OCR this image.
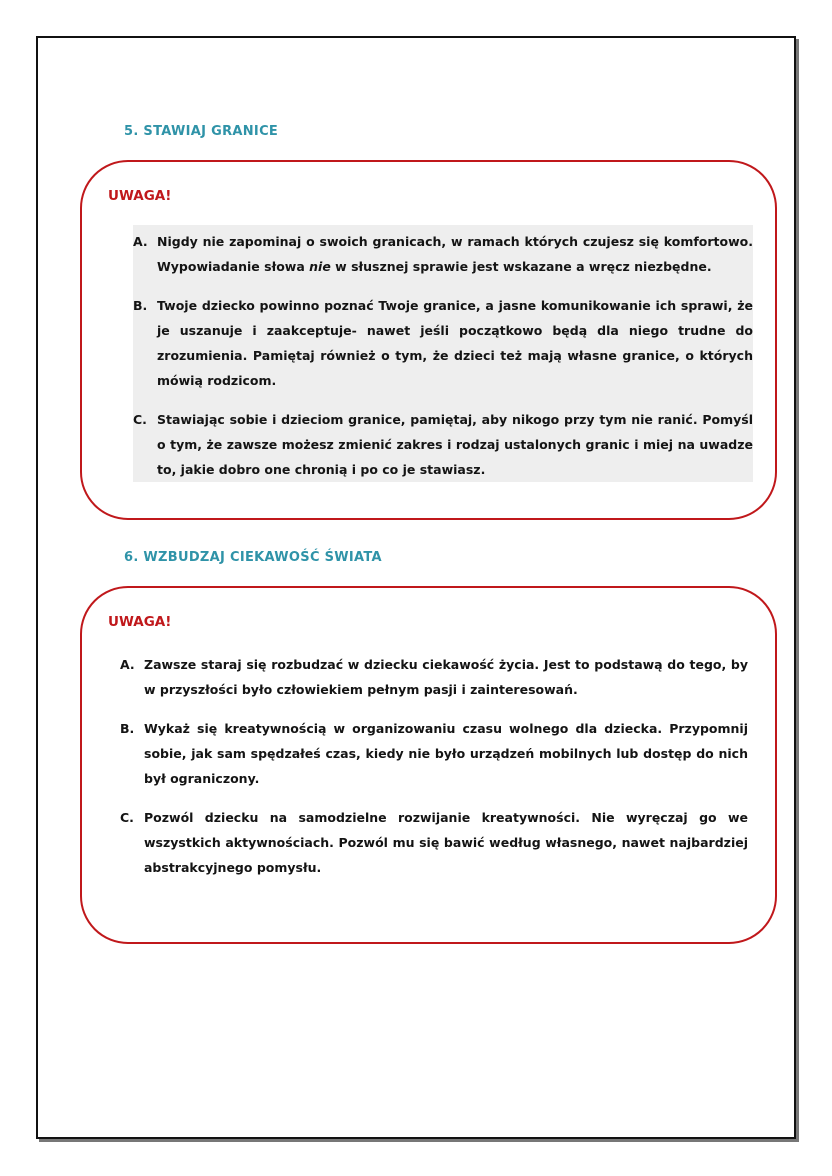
5. STAWIAJ GRANICE

UWAGA!

A. Nigdy nie zapominaj o swoich granicach, w ramach których czujesz się komfortowo. Wypowiadanie słowa nie w słusznej sprawie jest wskazane a wręcz niezbędne.
B. Twoje dziecko powinno poznać Twoje granice, a jasne komunikowanie ich sprawi, że je uszanuje i zaakceptuje- nawet jeśli początkowo będą dla niego trudne do zrozumienia. Pamiętaj również o tym, że dzieci też mają własne granice, o których mówią rodzicom.
C. Stawiając sobie i dzieciom granice, pamiętaj, aby nikogo przy tym nie ranić. Pomyśl o tym, że zawsze możesz zmienić zakres i rodzaj ustalonych granic i miej na uwadze to, jakie dobro one chronią i po co je stawiasz.
6. WZBUDZAJ CIEKAWOŚĆ ŚWIATA

UWAGA!

A. Zawsze staraj się rozbudzać w dziecku ciekawość życia. Jest to podstawą do tego, by w przyszłości było człowiekiem pełnym pasji i zainteresowań.
B. Wykaż się kreatywnością w organizowaniu czasu wolnego dla dziecka. Przypomnij sobie, jak sam spędzałeś czas, kiedy nie było urządzeń mobilnych lub dostęp do nich był ograniczony.
C. Pozwól dziecku na samodzielne rozwijanie kreatywności. Nie wyręczaj go we wszystkich aktywnościach. Pozwól mu się bawić według własnego, nawet najbardziej abstrakcyjnego pomysłu.
